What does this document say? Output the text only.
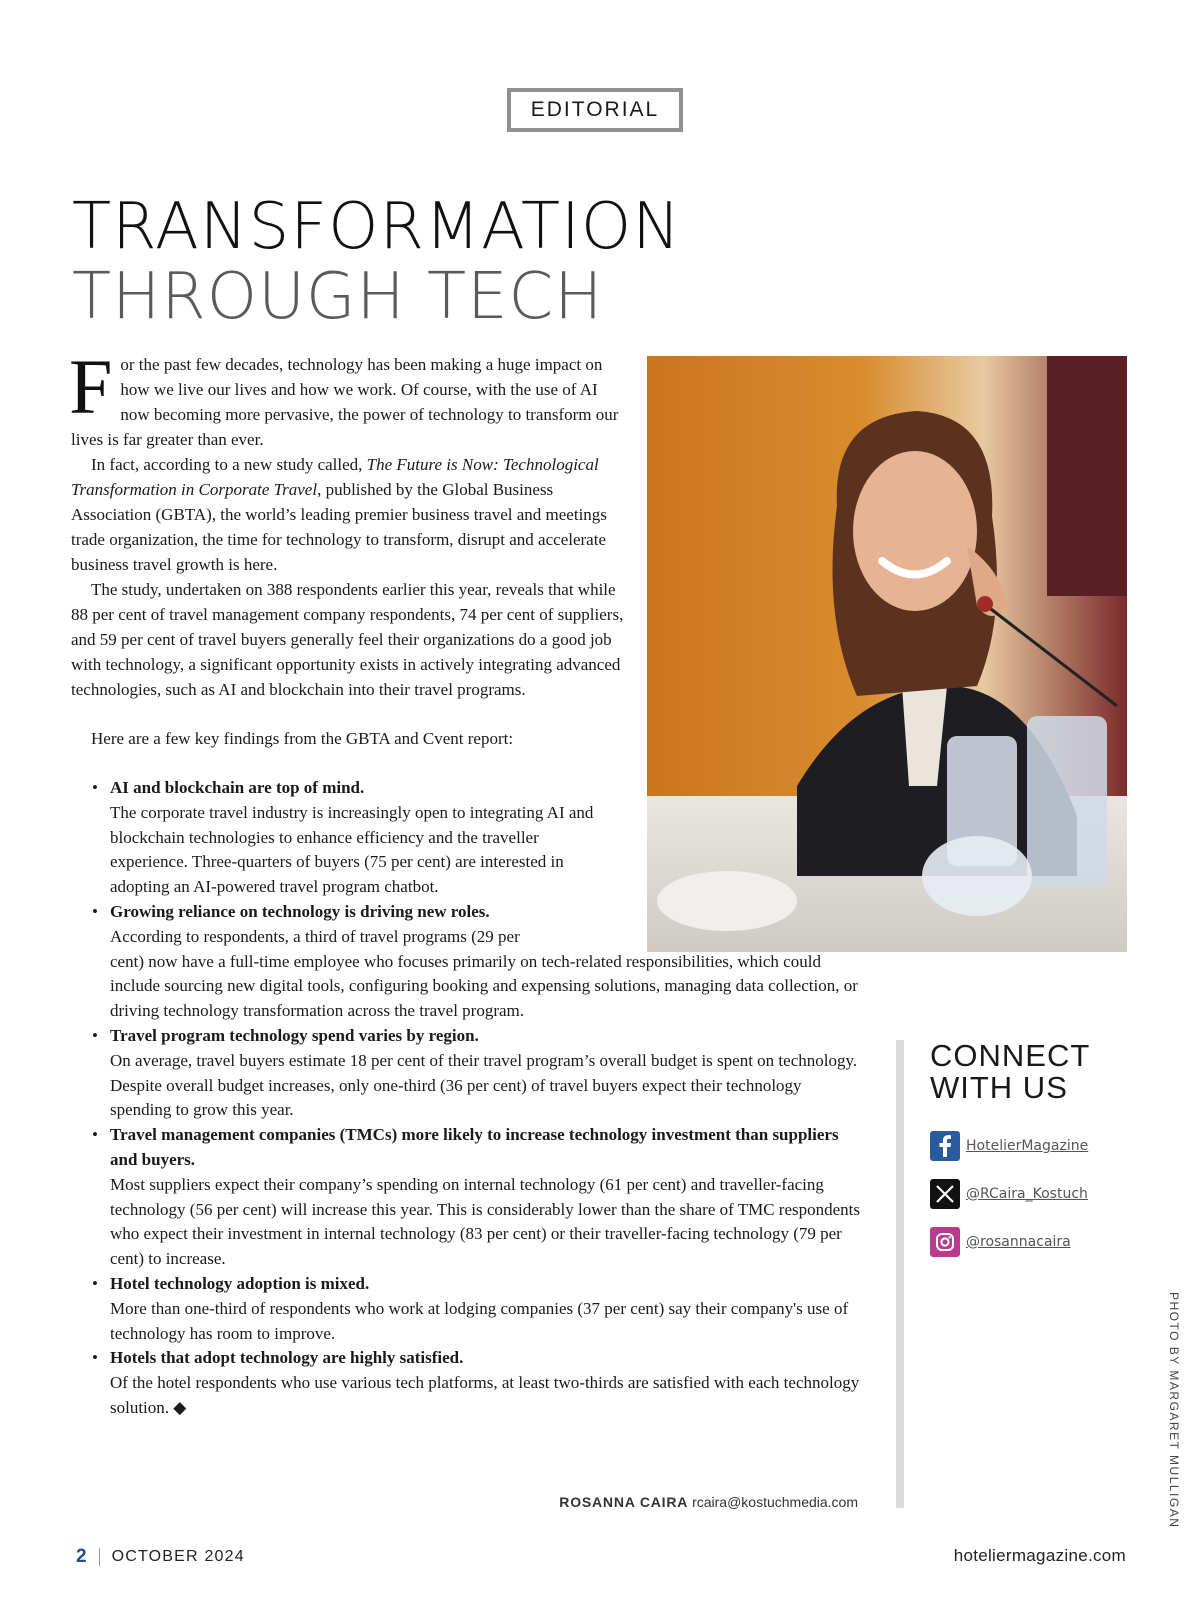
EDITORIAL
TRANSFORMATION
THROUGH TECH

For the past few decades, technology has been making a huge impact on how we live our lives and how we work. Of course, with the use of AI now becoming more pervasive, the power of technology to transform our lives is far greater than ever.

In fact, according to a new study called, The Future is Now: Technological Transformation in Corporate Travel, published by the Global Business Association (GBTA), the world’s leading premier business travel and meetings trade organization, the time for technology to transform, disrupt and accelerate business travel growth is here.

The study, undertaken on 388 respondents earlier this year, reveals that while 88 per cent of travel management company respondents, 74 per cent of suppliers, and 59 per cent of travel buyers generally feel their organizations do a good job with technology, a significant opportunity exists in actively integrating advanced technologies, such as AI and blockchain into their travel programs.

Here are a few key findings from the GBTA and Cvent report:

PHOTO BY MARGARET MULLIGAN
• AI and blockchain are top of mind.
The corporate travel industry is increasingly open to integrating AI and blockchain technologies to enhance efficiency and the traveller experience. Three-quarters of buyers (75 per cent) are interested in adopting an AI-powered travel program chatbot.
• Growing reliance on technology is driving new roles.
According to respondents, a third of travel programs (29 per
cent) now have a full-time employee who focuses primarily on tech-related responsibilities, which could include sourcing new digital tools, configuring booking and expensing solutions, managing data collection, or driving technology transformation across the travel program.
• Travel program technology spend varies by region.
On average, travel buyers estimate 18 per cent of their travel program’s overall budget is spent on technology. Despite overall budget increases, only one-third (36 per cent) of travel buyers expect their technology spending to grow this year.
• Travel management companies (TMCs) more likely to increase technology investment than suppliers and buyers.
Most suppliers expect their company’s spending on internal technology (61 per cent) and traveller-facing technology (56 per cent) will increase this year. This is considerably lower than the share of TMC respondents who expect their investment in internal technology (83 per cent) or their traveller-facing technology (79 per cent) to increase.
• Hotel technology adoption is mixed.
More than one-third of respondents who work at lodging companies (37 per cent) say their company's use of technology has room to improve.
• Hotels that adopt technology are highly satisfied.
Of the hotel respondents who use various tech platforms, at least two-thirds are satisfied with each technology solution. ◆
ROSANNA CAIRA rcaira@kostuchmedia.com
CONNECT
WITH US
HotelierMagazine
@RCaira_Kostuch
@rosannacaira
2 OCTOBER 2024	hoteliermagazine.com
